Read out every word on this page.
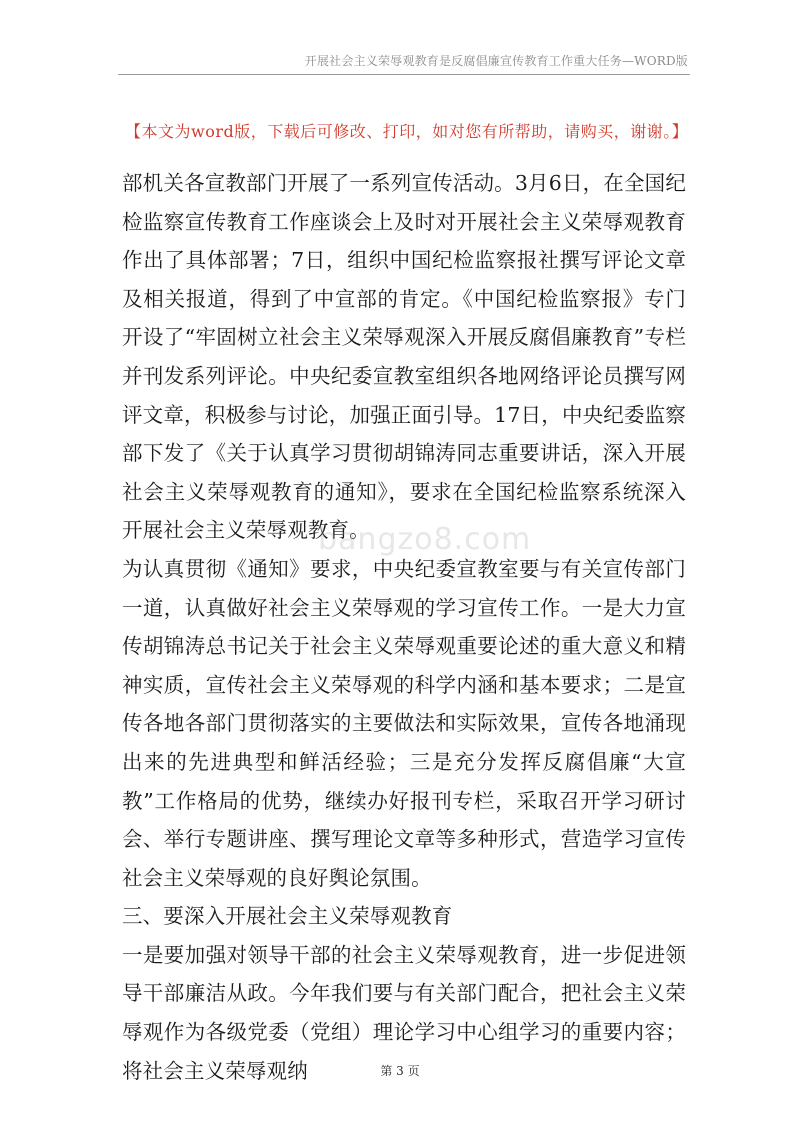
开展社会主义荣辱观教育是反腐倡廉宣传教育工作重大任务—WORD版
【本文为word版，下载后可修改、打印，如对您有所帮助，请购买，谢谢。】

部机关各宣教部门开展了一系列宣传活动。3月6日，在全国纪检监察宣传教育工作座谈会上及时对开展社会主义荣辱观教育作出了具体部署；7日，组织中国纪检监察报社撰写评论文章及相关报道，得到了中宣部的肯定。《中国纪检监察报》专门开设了“牢固树立社会主义荣辱观深入开展反腐倡廉教育”专栏并刊发系列评论。中央纪委宣教室组织各地网络评论员撰写网评文章，积极参与讨论，加强正面引导。17日，中央纪委监察部下发了《关于认真学习贯彻胡锦涛同志重要讲话，深入开展社会主义荣辱观教育的通知》，要求在全国纪检监察系统深入开展社会主义荣辱观教育。

为认真贯彻《通知》要求，中央纪委宣教室要与有关宣传部门一道，认真做好社会主义荣辱观的学习宣传工作。一是大力宣传胡锦涛总书记关于社会主义荣辱观重要论述的重大意义和精神实质，宣传社会主义荣辱观的科学内涵和基本要求；二是宣传各地各部门贯彻落实的主要做法和实际效果，宣传各地涌现出来的先进典型和鲜活经验；三是充分发挥反腐倡廉“大宣教”工作格局的优势，继续办好报刊专栏，采取召开学习研讨会、举行专题讲座、撰写理论文章等多种形式，营造学习宣传社会主义荣辱观的良好舆论氛围。

三、要深入开展社会主义荣辱观教育

一是要加强对领导干部的社会主义荣辱观教育，进一步促进领导干部廉洁从政。今年我们要与有关部门配合，把社会主义荣辱观作为各级党委（党组）理论学习中心组学习的重要内容；将社会主义荣辱观纳

bangzo8.com
第 3 页
